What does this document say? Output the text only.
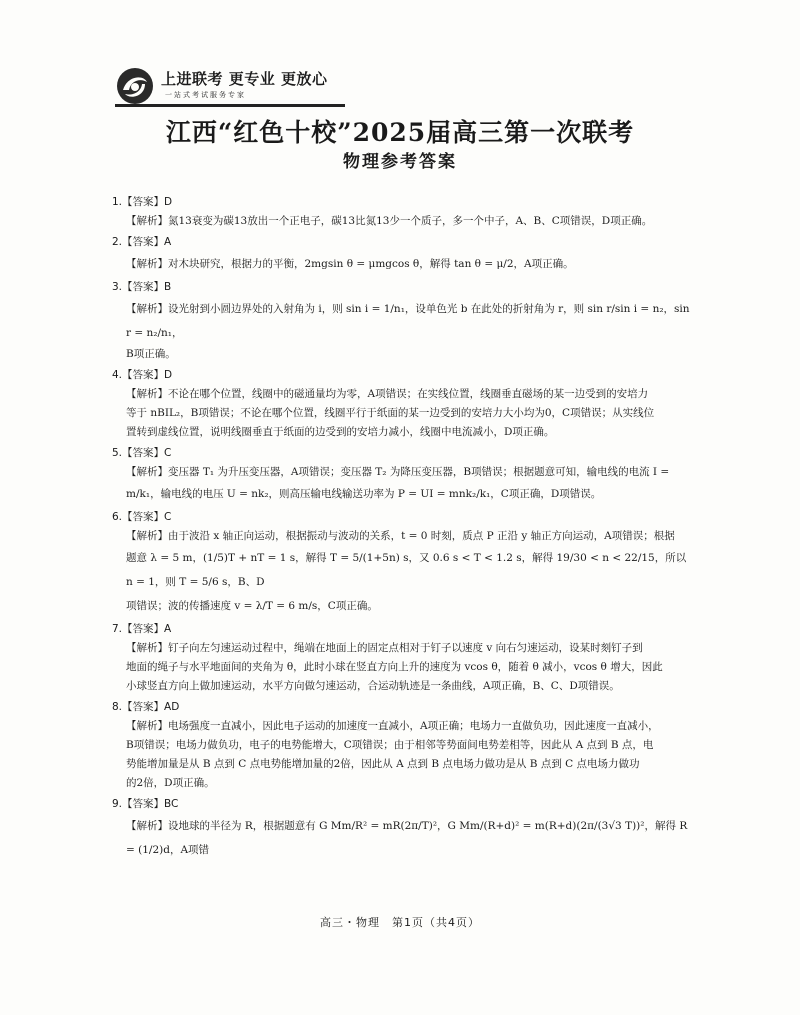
上进联考 更专业 更放心
一站式考试服务专家
江西“红色十校”2025届高三第一次联考
物理参考答案
1.【答案】D
【解析】氮13衰变为碳13放出一个正电子，碳13比氮13少一个质子，多一个中子，A、B、C项错误，D项正确。
2.【答案】A
【解析】对木块研究，根据力的平衡，2mgsin θ = μmgcos θ，解得 tan θ = μ/2，A项正确。
3.【答案】B
【解析】设光射到小圆边界处的入射角为 i，则 sin i = 1/n₁，设单色光 b 在此处的折射角为 r，则 sin r/sin i = n₂，sin r = n₂/n₁，
B项正确。
4.【答案】D
【解析】不论在哪个位置，线圈中的磁通量均为零，A项错误；在实线位置，线圈垂直磁场的某一边受到的安培力
等于 nBIL₂，B项错误；不论在哪个位置，线圈平行于纸面的某一边受到的安培力大小均为0，C项错误；从实线位
置转到虚线位置，说明线圈垂直于纸面的边受到的安培力减小，线圈中电流减小，D项正确。
5.【答案】C
【解析】变压器 T₁ 为升压变压器，A项错误；变压器 T₂ 为降压变压器，B项错误；根据题意可知，输电线的电流 I =
m/k₁，输电线的电压 U = nk₂，则高压输电线输送功率为 P = UI = mnk₂/k₁，C项正确，D项错误。
6.【答案】C
【解析】由于波沿 x 轴正向运动，根据振动与波动的关系，t = 0 时刻，质点 P 正沿 y 轴正方向运动，A项错误；根据
题意 λ = 5 m，(1/5)T + nT = 1 s，解得 T = 5/(1+5n) s，又 0.6 s < T < 1.2 s，解得 19/30 < n < 22/15，所以 n = 1，则 T = 5/6 s，B、D
项错误；波的传播速度 v = λ/T = 6 m/s，C项正确。
7.【答案】A
【解析】钉子向左匀速运动过程中，绳端在地面上的固定点相对于钉子以速度 v 向右匀速运动，设某时刻钉子到
地面的绳子与水平地面间的夹角为 θ，此时小球在竖直方向上升的速度为 vcos θ，随着 θ 减小，vcos θ 增大，因此
小球竖直方向上做加速运动，水平方向做匀速运动，合运动轨迹是一条曲线，A项正确，B、C、D项错误。
8.【答案】AD
【解析】电场强度一直减小，因此电子运动的加速度一直减小，A项正确；电场力一直做负功，因此速度一直减小，
B项错误；电场力做负功，电子的电势能增大，C项错误；由于相邻等势面间电势差相等，因此从 A 点到 B 点，电
势能增加量是从 B 点到 C 点电势能增加量的2倍，因此从 A 点到 B 点电场力做功是从 B 点到 C 点电场力做功
的2倍，D项正确。
9.【答案】BC
【解析】设地球的半径为 R，根据题意有 G Mm/R² = mR(2π/T)²，G Mm/(R+d)² = m(R+d)(2π/(3√3 T))²，解得 R = (1/2)d，A项错
高三・物理　第1页（共4页）
